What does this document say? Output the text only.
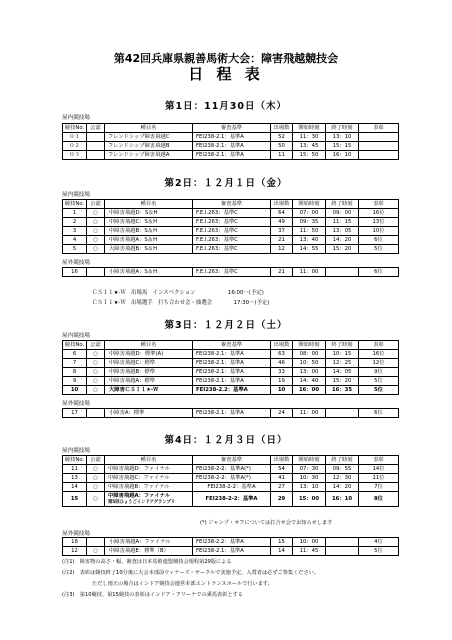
第42回兵庫県親善馬術大会：障害飛越競技会
日 程 表
第1日：11月30日（木）
屋内競技場
競技No.	公認	種目名	審査基準	出場数	開始時刻	終了時刻	表彰
０１		フレンドシップ障害飛越C	FEI238-2.1：基準A	52	11：30	13：10	
０２		フレンドシップ障害飛越B	FEI238-2.1：基準A	50	13：45	15：15	
０３		フレンドシップ障害飛越A	FEI238-2.1：基準A	11	15：50	16：10	
第2日：１２月１日（金）
屋内競技場
競技No.	公認	種目名	審査基準	出場数	開始時刻	終了時刻	表彰
1	○	中障害飛越D：S＆H	F.E.I.263：基準C	64	07：00	09：00	16位
2	○	中障害飛越C：S＆H	F.E.I.263：基準C	49	09：35	11：15	13位
3	○	中障害飛越B：S＆H	F.E.I.263：基準C	37	11：50	13：05	10位
4	○	中障害飛越A：S＆H	F.E.I.263：基準C	21	13：40	14：20	6位
5	○	大障害飛越B：S＆H	F.E.I.263：基準C	12	14：55	15：20	5位
屋外競技場
16		小障害飛越A：S＆H	F.E.I.263：基準C	21	11：00		6位
ＣＳＩ１★-Ｗ　出場馬　インスペクション　　　　　　16:00～(予定)
ＣＳＩ１★-Ｗ　出場選手　打ち合わせ会・抽選会　　　　17:30～(予定)
第3日：１２月２日（土）
屋内競技場
競技No.	公認	種目名	審査基準	出場数	開始時刻	終了時刻	表彰
6	○	中障害飛越D：標準(A)	FEI238-2.1：基準A	63	08：00	10：15	16位
7	○	中障害飛越C：標準	FEI238-2.1：基準A	46	10：50	12：25	12位
8	○	中障害飛越B：標準	FEI238-2.1：基準A	33	13：00	14：05	9位
9	○	中障害飛越A：標準	FEI238-2.1：基準A	19	14：40	15：20	5位
10	○	大障害ＣＳＩ１★-Ｗ	FEI238-2.2：基準A	10	16：00	16：35	5位
屋外競技場
17		小障害A：標準	FEI238-2.1：基準A	24	11：00		6位
第4日：１２月３日（日）
屋内競技場
競技No.	公認	種目名	審査基準	出場数	開始時刻	終了時刻	表彰
11	○	中障害飛越D：ファイナル	FEI238-2-2：基準A(*)	54	07：30	09：55	14位
13	○	中障害飛越C：ファイナル	FEI238-2-2：基準A(*)	41	10：30	12：30	11位
14	○	中障害飛越B：ファイナル	FEI238-2-2：基準A	27	13：10	14：20	7位
15	○	中障害飛越A：ファイナル
第5回ひょうごインドアグランプリ	FEI238-2-2：基準A	29	15：00	16：10	8位
(*) ジャンプ・オフについては打合せ会でお知らせします
屋外競技場
18		小障害飛越A：ファイナル	FEI238-2.2：基準A	15	10：00		4位
12	○	中障害飛越E：標準（B）	FEI238-2.1：基準A	14	11：45		5位
(注1)　障害物の高さ・幅、審査は日本馬術連盟競技会規程第29版による
(注2)　表彰は競技終了10分後に大会本部前ウィナーズ・サークルで実施予定。入賞者は必ずご参集ください。
ただし雨天の場合はインドア競技会運営本部エントランスホールで行います。
(注3)　第10競技、第15競技の表彰はインドア・アリーナでの乗馬表彰とする
